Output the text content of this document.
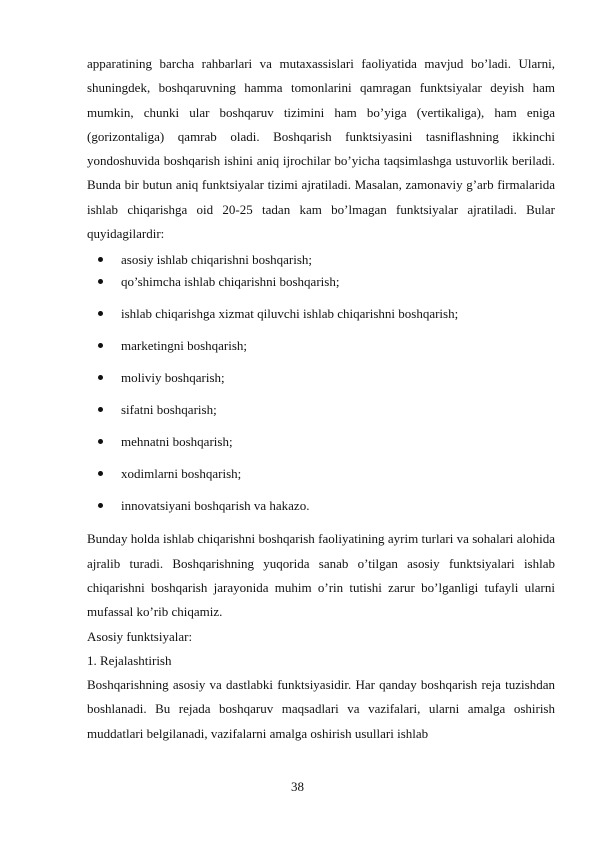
apparatining barcha rahbarlari va mutaxassislari faoliyatida mavjud bo’ladi. Ularni, shuningdek, boshqaruvning hamma tomonlarini qamragan funktsiyalar deyish ham mumkin, chunki ular boshqaruv tizimini ham bo’yiga (vertikaliga), ham eniga (gorizontaliga) qamrab oladi. Boshqarish funktsiyasini tasniflashning ikkinchi yondoshuvida boshqarish ishini aniq ijrochilar bo’yicha taqsimlashga ustuvorlik beriladi. Bunda bir butun aniq funktsiyalar tizimi ajratiladi. Masalan, zamonaviy g’arb firmalarida ishlab chiqarishga oid 20-25 tadan kam bo’lmagan funktsiyalar ajratiladi. Bular quyidagilardir:

asosiy ishlab chiqarishni boshqarish;
qo’shimcha ishlab chiqarishni boshqarish;
ishlab chiqarishga xizmat qiluvchi ishlab chiqarishni boshqarish;
marketingni boshqarish;
moliviy boshqarish;
sifatni boshqarish;
mehnatni boshqarish;
xodimlarni boshqarish;
innovatsiyani boshqarish va hakazo.

Bunday holda ishlab chiqarishni boshqarish faoliyatining ayrim turlari va sohalari alohida ajralib turadi. Boshqarishning yuqorida sanab o’tilgan asosiy funktsiyalari ishlab chiqarishni boshqarish jarayonida muhim o’rin tutishi zarur bo’lganligi tufayli ularni mufassal ko’rib chiqamiz.

Asosiy funktsiyalar:

1. Rejalashtirish

Boshqarishning asosiy va dastlabki funktsiyasidir. Har qanday boshqarish reja tuzishdan boshlanadi. Bu rejada boshqaruv maqsadlari va vazifalari, ularni amalga oshirish muddatlari belgilanadi, vazifalarni amalga oshirish usullari ishlab

38
